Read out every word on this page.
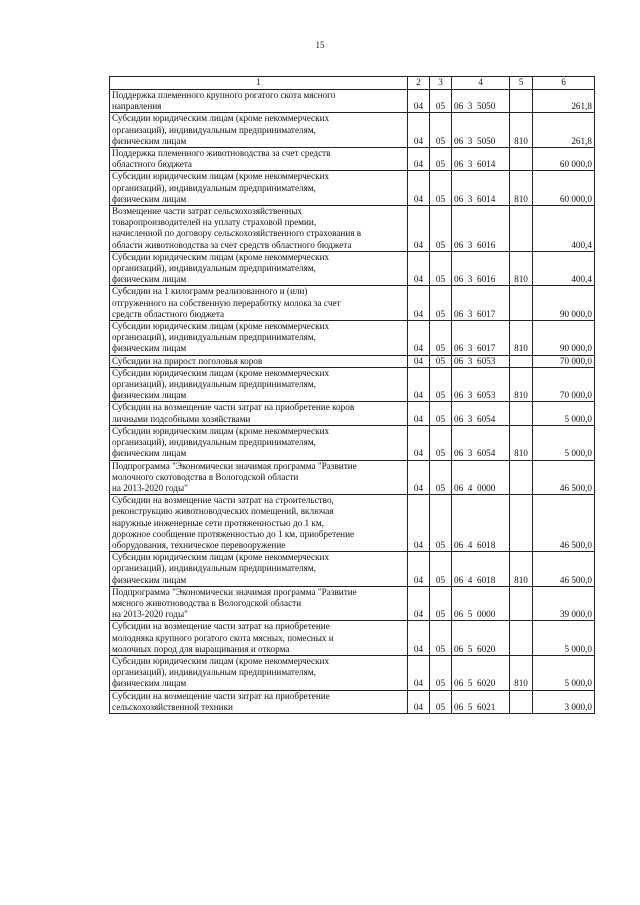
15
1	2	3	4	5	6
Поддержка племенного крупного рогатого скота мясного
направления	04	05	06  3  5050		261,8
Субсидии юридическим лицам (кроме некоммерческих
организаций), индивидуальным предпринимателям,
физическим лицам	04	05	06  3  5050	810	261,8
Поддержка племенного животноводства за счет средств
областного бюджета	04	05	06  3  6014		60 000,0
Субсидии юридическим лицам (кроме некоммерческих
организаций), индивидуальным предпринимателям,
физическим лицам	04	05	06  3  6014	810	60 000,0
Возмещение части затрат сельскохозяйственных
товаропроизводителей на уплату страховой премии,
начисленной по договору сельскохозяйственного страхования в
области животноводства за счет средств областного бюджета	04	05	06  3  6016		400,4
Субсидии юридическим лицам (кроме некоммерческих
организаций), индивидуальным предпринимателям,
физическим лицам	04	05	06  3  6016	810	400,4
Субсидии на 1 килограмм реализованного и (или)
отгруженного на собственную переработку молока за счет
средств областного бюджета	04	05	06  3  6017		90 000,0
Субсидии юридическим лицам (кроме некоммерческих
организаций), индивидуальным предпринимателям,
физическим лицам	04	05	06  3  6017	810	90 000,0
Субсидии на прирост поголовья коров	04	05	06  3  6053		70 000,0
Субсидии юридическим лицам (кроме некоммерческих
организаций), индивидуальным предпринимателям,
физическим лицам	04	05	06  3  6053	810	70 000,0
Субсидии на возмещение части затрат на приобретение коров
личными подсобными хозяйствами	04	05	06  3  6054		5 000,0
Субсидии юридическим лицам (кроме некоммерческих
организаций), индивидуальным предпринимателям,
физическим лицам	04	05	06  3  6054	810	5 000,0
Подпрограмма "Экономически значимая программа "Развитие
молочного скотоводства в Вологодской области
на 2013-2020 годы"	04	05	06  4  0000		46 500,0
Субсидии на возмещение части затрат на строительство,
реконструкцию животноводческих помещений, включая
наружные инженерные сети протяженностью до 1 км,
дорожное сообщение протяженностью до 1 км, приобретение
оборудования, техническое перевооружение	04	05	06  4  6018		46 500,0
Субсидии юридическим лицам (кроме некоммерческих
организаций), индивидуальным предпринимателям,
физическим лицам	04	05	06  4  6018	810	46 500,0
Подпрограмма "Экономически значимая программа "Развитие
мясного животноводства в Вологодской области
на 2013-2020 годы"	04	05	06  5  0000		39 000,0
Субсидии на возмещение части затрат на приобретение
молодняка крупного рогатого скота мясных, помесных и
молочных пород для выращивания и откорма	04	05	06  5  6020		5 000,0
Субсидии юридическим лицам (кроме некоммерческих
организаций), индивидуальным предпринимателям,
физическим лицам	04	05	06  5  6020	810	5 000,0
Субсидии на возмещение части затрат на приобретение
сельскохозяйственной техники	04	05	06  5  6021		3 000,0
